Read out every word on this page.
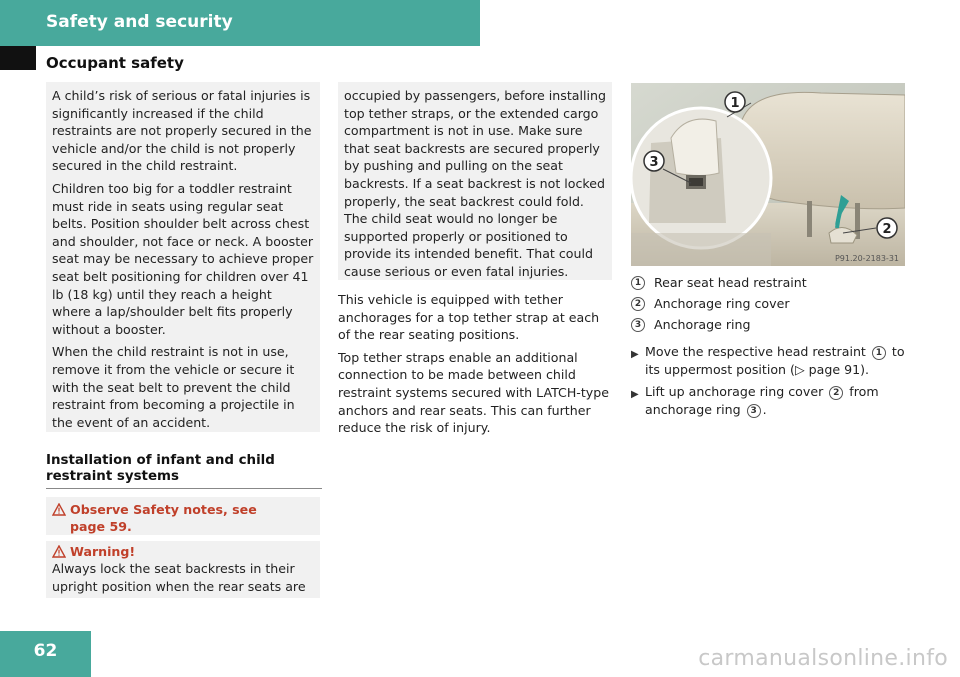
Safety and security
Occupant safety

A child’s risk of serious or fatal injuries is significantly increased if the child restraints are not properly secured in the vehicle and/or the child is not properly secured in the child restraint.

Children too big for a toddler restraint must ride in seats using regular seat belts. Position shoulder belt across chest and shoulder, not face or neck. A booster seat may be necessary to achieve proper seat belt positioning for children over 41 lb (18 kg) until they reach a height where a lap/shoulder belt fits properly without a booster.

When the child restraint is not in use, remove it from the vehicle or secure it with the seat belt to prevent the child restraint from becoming a projectile in the event of an accident.

Installation of infant and child restraint systems
Observe Safety notes, see
page 59.
Warning!
Always lock the seat backrests in their upright position when the rear seats are
occupied by passengers, before installing top tether straps, or the extended cargo compartment is not in use. Make sure that seat backrests are secured properly by pushing and pulling on the seat backrests. If a seat backrest is not locked properly, the seat backrest could fold. The child seat would no longer be supported properly or positioned to provide its intended benefit. That could cause serious or even fatal injuries.

This vehicle is equipped with tether anchorages for a top tether strap at each of the rear seating positions.

Top tether straps enable an additional connection to be made between child restraint systems secured with LATCH-type anchors and rear seats. This can further reduce the risk of injury.

1
2
3
P91.20-2183-31
1	Rear seat head restraint
2	Anchorage ring cover
3	Anchorage ring
▶ Move the respective head restraint 1 to its uppermost position (▷ page 91).
▶ Lift up anchorage ring cover 2 from anchorage ring 3 .
62	carmanualsonline.info
